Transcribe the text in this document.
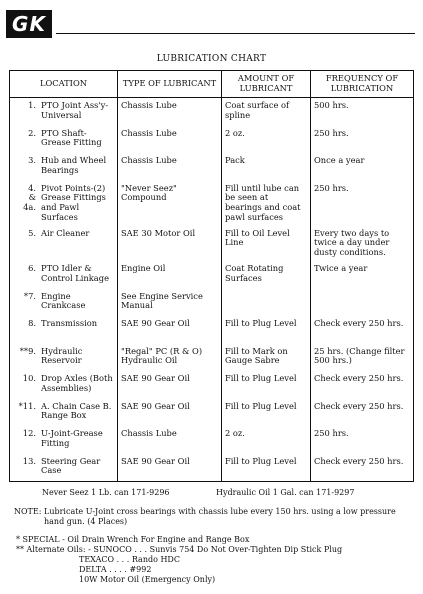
GK
LUBRICATION CHART
LOCATION	TYPE OF LUBRICANT	AMOUNT OF LUBRICANT	FREQUENCY OF LUBRICATION

1. PTO Joint Ass'y-Universal	Chassis Lube	Coat surface of spline	500 hrs.

2. PTO Shaft-Grease Fitting	Chassis Lube	2 oz.	250 hrs.

3. Hub and Wheel Bearings	Chassis Lube	Pack	Once a year

4.
&
4a.
Pivot Points-(2) Grease Fittings and Pawl Surfaces	"Never Seez" Compound	Fill until lube can be seen at bearings and coat pawl surfaces	250 hrs.

5. Air Cleaner	SAE 30 Motor Oil	Fill to Oil Level Line	Every two days to twice a day under dusty conditions.

6. PTO Idler & Control Linkage	Engine Oil	Coat Rotating Surfaces	Twice a year

*7. Engine Crankcase	See Engine Service Manual		

8. Transmission	SAE 90 Gear Oil	Fill to Plug Level	Check every 250 hrs.

**9. Hydraulic Reservoir	"Regal" PC (R & O) Hydraulic Oil	Fill to Mark on Gauge Sabre	25 hrs. (Change filter 500 hrs.)

10. Drop Axles (Both Assemblies)	SAE 90 Gear Oil	Fill to Plug Level	Check every 250 hrs.

*11. A. Chain Case B. Range Box	SAE 90 Gear Oil	Fill to Plug Level	Check every 250 hrs.

12. U-Joint-Grease Fitting	Chassis Lube	2 oz.	250 hrs.

13. Steering Gear Case	SAE 90 Gear Oil	Fill to Plug Level	Check every 250 hrs.
Never Seez 1 Lb. can 171-9296	Hydraulic Oil 1 Gal. can 171-9297
NOTE: Lubricate U-Joint cross bearings with chassis lube every 150 hrs. using a low pressure hand gun. (4 Places)
* SPECIAL - Oil Drain Wrench For Engine and Range Box
** Alternate Oils: - SUNOCO . . . Sunvis 754 Do Not Over-Tighten Dip Stick Plug
TEXACO . . . Rando HDC
DELTA . . . . #992
10W Motor Oil (Emergency Only)
